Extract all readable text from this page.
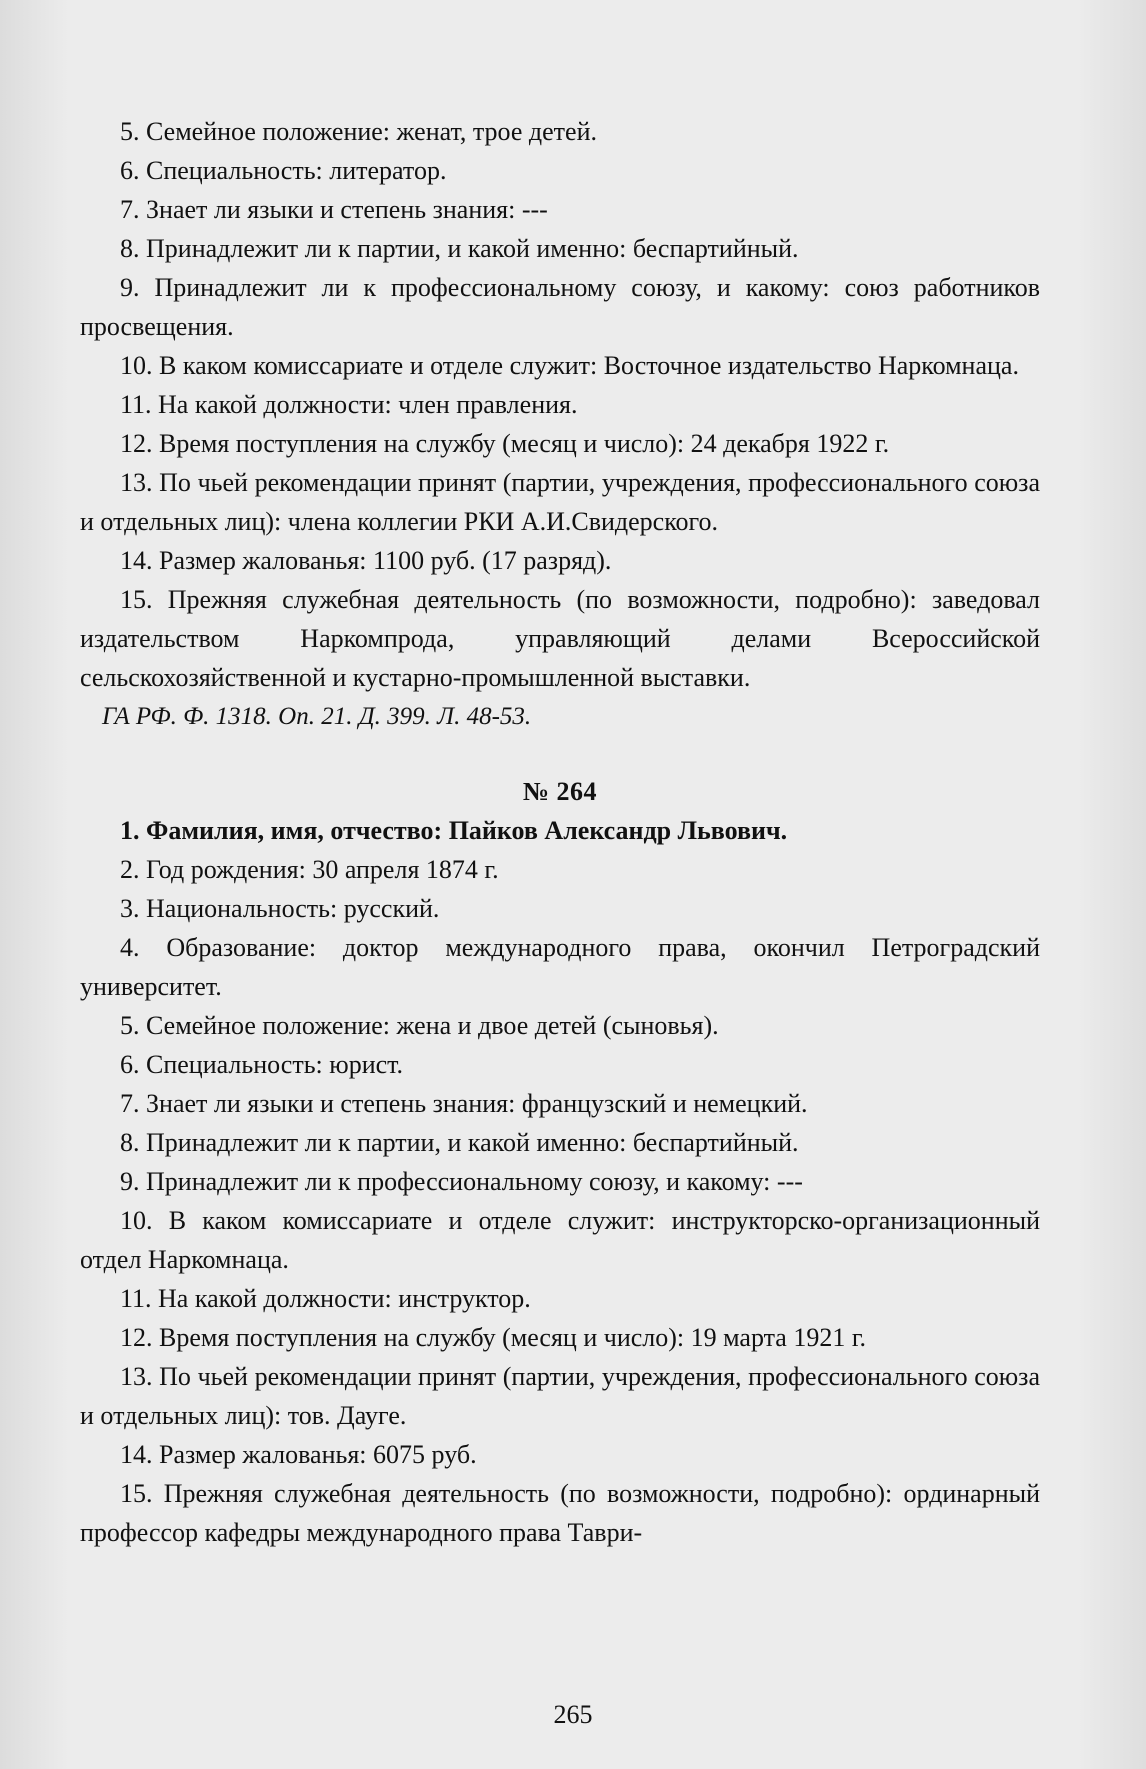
5. Семейное положение: женат, трое детей.

6. Специальность: литератор.

7. Знает ли языки и степень знания: ---

8. Принадлежит ли к партии, и какой именно: беспартийный.

9. Принадлежит ли к профессиональному союзу, и какому: союз работников просвещения.

10. В каком комиссариате и отделе служит: Восточное издательство Наркомнаца.

11. На какой должности: член правления.

12. Время поступления на службу (месяц и число): 24 декабря 1922 г.

13. По чьей рекомендации принят (партии, учреждения, профессионального союза и отдельных лиц): члена коллегии РКИ А.И.Свидерского.

14. Размер жалованья: 1100 руб. (17 разряд).

15. Прежняя служебная деятельность (по возможности, подробно): заведовал издательством Наркомпрода, управляющий делами Всероссийской сельскохозяйственной и кустарно-промышленной выставки.

ГА РФ. Ф. 1318. Оп. 21. Д. 399. Л. 48-53.

№ 264

1. Фамилия, имя, отчество: Пайков Александр Львович.

2. Год рождения: 30 апреля 1874 г.

3. Национальность: русский.

4. Образование: доктор международного права, окончил Петроградский университет.

5. Семейное положение: жена и двое детей (сыновья).

6. Специальность: юрист.

7. Знает ли языки и степень знания: французский и немецкий.

8. Принадлежит ли к партии, и какой именно: беспартийный.

9. Принадлежит ли к профессиональному союзу, и какому: ---

10. В каком комиссариате и отделе служит: инструкторско-организационный отдел Наркомнаца.

11. На какой должности: инструктор.

12. Время поступления на службу (месяц и число): 19 марта 1921 г.

13. По чьей рекомендации принят (партии, учреждения, профессионального союза и отдельных лиц): тов. Дауге.

14. Размер жалованья: 6075 руб.

15. Прежняя служебная деятельность (по возможности, подробно): ординарный профессор кафедры международного права Таври-

265
